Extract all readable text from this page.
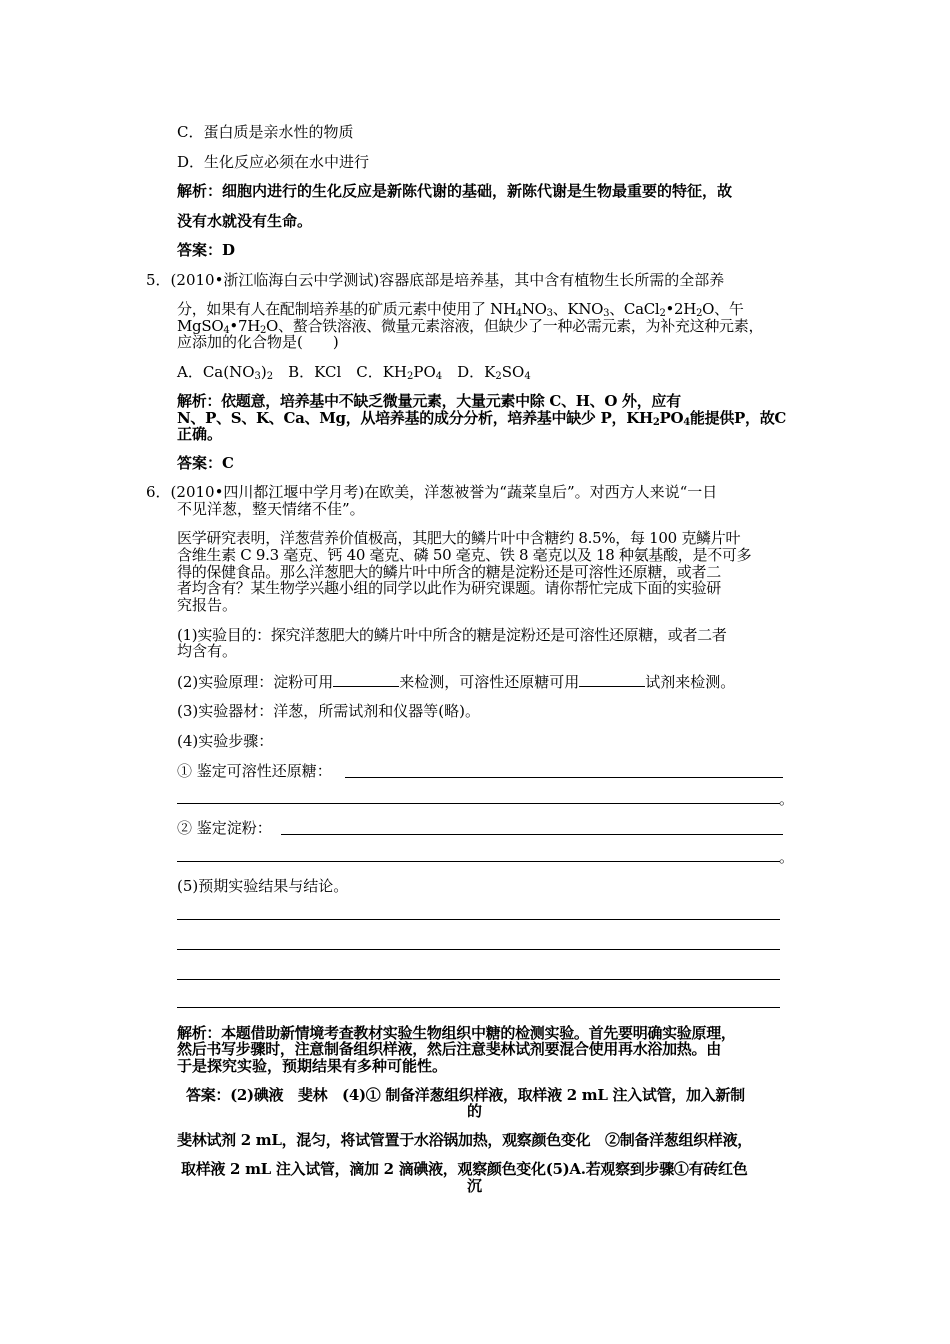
C．蛋白质是亲水性的物质
D．生化反应必须在水中进行
解析：细胞内进行的生化反应是新陈代谢的基础，新陈代谢是生物最重要的特征，故
没有水就没有生命。
答案：D
5．(2010•浙江临海白云中学测试)容器底部是培养基，其中含有植物生长所需的全部养
分，如果有人在配制培养基的矿质元素中使用了 $NH_4NO_3$、$KNO_3$、$CaCl_2•2H_2O$、午
$MgSO_4•7H_2O$、螯合铁溶液、微量元素溶液，但缺少了一种必需元素，为补充这种元素，
应添加的化合物是(　　)
A．$Ca(NO_3)_2$　B．KCl　C．$KH_2PO_4$　D．$K_2SO_4$
解析：依题意，培养基中不缺乏微量元素，大量元素中除 C、H、O 外，应有
N、P、S、K、Ca、Mg，从培养基的成分分析，培养基中缺少 P，$KH_2PO_4$能提供P，故C
正确。
答案：C
6．(2010•四川都江堰中学月考)在欧美，洋葱被誉为“蔬菜皇后”。对西方人来说“一日
不见洋葱，整天情绪不佳”。
医学研究表明，洋葱营养价值极高，其肥大的鳞片叶中含糖约 8.5%，每 100 克鳞片叶
含维生素 C 9.3 毫克、钙 40 毫克、磷 50 毫克、铁 8 毫克以及 18 种氨基酸，是不可多
得的保健食品。那么洋葱肥大的鳞片叶中所含的糖是淀粉还是可溶性还原糖，或者二
者均含有？某生物学兴趣小组的同学以此作为研究课题。请你帮忙完成下面的实验研
究报告。
(1)实验目的：探究洋葱肥大的鳞片叶中所含的糖是淀粉还是可溶性还原糖，或者二者
均含有。
(2)实验原理：淀粉可用	来检测，可溶性还原糖可用	试剂来检测。
(3)实验器材：洋葱，所需试剂和仪器等(略)。
(4)实验步骤：
① 鉴定可溶性还原糖：
。
② 鉴定淀粉：
。
(5)预期实验结果与结论。
解析：本题借助新情境考查教材实验生物组织中糖的检测实验。首先要明确实验原理，
然后书写步骤时，注意制备组织样液，然后注意斐林试剂要混合使用再水浴加热。由
于是探究实验，预期结果有多种可能性。
答案：(2)碘液　斐林　(4)① 制备洋葱组织样液，取样液 2 mL 注入试管，加入新制
的
斐林试剂 2 mL，混匀，将试管置于水浴锅加热，观察颜色变化　②制备洋葱组织样液，
取样液 2 mL 注入试管，滴加 2 滴碘液，观察颜色变化(5)A.若观察到步骤①有砖红色
沉
